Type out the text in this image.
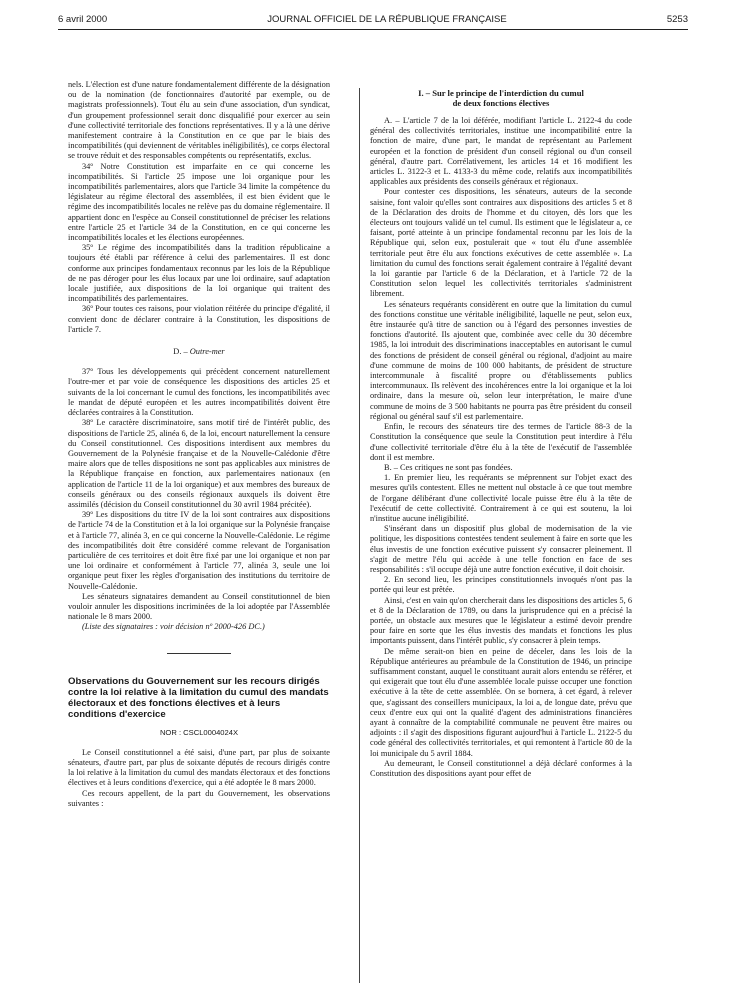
6 avril 2000	JOURNAL OFFICIEL DE LA RÉPUBLIQUE FRANÇAISE	5253

nels. L'élection est d'une nature fondamentalement différente de la désignation ou de la nomination (de fonctionnaires d'autorité par exemple, ou de magistrats professionnels). Tout élu au sein d'une association, d'un syndicat, d'un groupement professionnel serait donc disqualifié pour exercer au sein d'une collectivité territoriale des fonctions représentatives. Il y a là une dérive manifestement contraire à la Constitution en ce que par le biais des incompatibilités (qui deviennent de véritables inéligibilités), ce corps électoral se trouve réduit et des responsables compétents ou représentatifs, exclus.

34º Notre Constitution est imparfaite en ce qui concerne les incompatibilités. Si l'article 25 impose une loi organique pour les incompatibilités parlementaires, alors que l'article 34 limite la compétence du législateur au régime électoral des assemblées, il est bien évident que le régime des incompatibilités locales ne relève pas du domaine réglementaire. Il appartient donc en l'espèce au Conseil constitutionnel de préciser les relations entre l'article 25 et l'article 34 de la Constitution, en ce qui concerne les incompatibilités locales et les élections européennes.

35º Le régime des incompatibilités dans la tradition républicaine a toujours été établi par référence à celui des parlementaires. Il est donc conforme aux principes fondamentaux reconnus par les lois de la République de ne pas déroger pour les élus locaux par une loi ordinaire, sauf adaptation locale justifiée, aux dispositions de la loi organique qui traitent des incompatibilités des parlementaires.

36º Pour toutes ces raisons, pour violation réitérée du principe d'égalité, il convient donc de déclarer contraire à la Constitution, les dispositions de l'article 7.

D. – Outre-mer

37º Tous les développements qui précèdent concernent naturellement l'outre-mer et par voie de conséquence les dispositions des articles 25 et suivants de la loi concernant le cumul des fonctions, les incompatibilités avec le mandat de député européen et les autres incompatibilités doivent être déclarées contraires à la Constitution.

38º Le caractère discriminatoire, sans motif tiré de l'intérêt public, des dispositions de l'article 25, alinéa 6, de la loi, encourt naturellement la censure du Conseil constitutionnel. Ces dispositions interdisent aux membres du Gouvernement de la Polynésie française et de la Nouvelle-Calédonie d'être maire alors que de telles dispositions ne sont pas applicables aux ministres de la République française en fonction, aux parlementaires nationaux (en application de l'article 11 de la loi organique) et aux membres des bureaux de conseils généraux ou des conseils régionaux auxquels ils doivent être assimilés (décision du Conseil constitutionnel du 30 avril 1984 précitée).

39º Les dispositions du titre IV de la loi sont contraires aux dispositions de l'article 74 de la Constitution et à la loi organique sur la Polynésie française et à l'article 77, alinéa 3, en ce qui concerne la Nouvelle-Calédonie. Le régime des incompatibilités doit être considéré comme relevant de l'organisation particulière de ces territoires et doit être fixé par une loi organique et non par une loi ordinaire et conformément à l'article 77, alinéa 3, seule une loi organique peut fixer les règles d'organisation des institutions du territoire de Nouvelle-Calédonie.

Les sénateurs signataires demandent au Conseil constitutionnel de bien vouloir annuler les dispositions incriminées de la loi adoptée par l'Assemblée nationale le 8 mars 2000.

(Liste des signataires : voir décision nº 2000-426 DC.)

Observations du Gouvernement sur les recours dirigés contre la loi relative à la limitation du cumul des mandats électoraux et des fonctions électives et à leurs conditions d'exercice

NOR : CSCL0004024X

Le Conseil constitutionnel a été saisi, d'une part, par plus de soixante sénateurs, d'autre part, par plus de soixante députés de recours dirigés contre la loi relative à la limitation du cumul des mandats électoraux et des fonctions électives et à leurs conditions d'exercice, qui a été adoptée le 8 mars 2000.

Ces recours appellent, de la part du Gouvernement, les observations suivantes :

I. – Sur le principe de l'interdiction du cumul
de deux fonctions électives

A. – L'article 7 de la loi déférée, modifiant l'article L. 2122-4 du code général des collectivités territoriales, institue une incompatibilité entre la fonction de maire, d'une part, le mandat de représentant au Parlement européen et la fonction de président d'un conseil régional ou d'un conseil général, d'autre part. Corrélativement, les articles 14 et 16 modifient les articles L. 3122-3 et L. 4133-3 du même code, relatifs aux incompatibilités applicables aux présidents des conseils généraux et régionaux.

Pour contester ces dispositions, les sénateurs, auteurs de la seconde saisine, font valoir qu'elles sont contraires aux dispositions des articles 5 et 8 de la Déclaration des droits de l'homme et du citoyen, dès lors que les électeurs ont toujours validé un tel cumul. Ils estiment que le législateur a, ce faisant, porté atteinte à un principe fondamental reconnu par les lois de la République qui, selon eux, postulerait que « tout élu d'une assemblée territoriale peut être élu aux fonctions exécutives de cette assemblée ». La limitation du cumul des fonctions serait également contraire à l'égalité devant la loi garantie par l'article 6 de la Déclaration, et à l'article 72 de la Constitution selon lequel les collectivités territoriales s'administrent librement.

Les sénateurs requérants considèrent en outre que la limitation du cumul des fonctions constitue une véritable inéligibilité, laquelle ne peut, selon eux, être instaurée qu'à titre de sanction ou à l'égard des personnes investies de fonctions d'autorité. Ils ajoutent que, combinée avec celle du 30 décembre 1985, la loi introduit des discriminations inacceptables en autorisant le cumul des fonctions de président de conseil général ou régional, d'adjoint au maire d'une commune de moins de 100 000 habitants, de président de structure intercommunale à fiscalité propre ou d'établissements publics intercommunaux. Ils relèvent des incohérences entre la loi organique et la loi ordinaire, dans la mesure où, selon leur interprétation, le maire d'une commune de moins de 3 500 habitants ne pourra pas être président du conseil régional ou général sauf s'il est parlementaire.

Enfin, le recours des sénateurs tire des termes de l'article 88-3 de la Constitution la conséquence que seule la Constitution peut interdire à l'élu d'une collectivité territoriale d'être élu à la tête de l'exécutif de l'assemblée dont il est membre.

B. – Ces critiques ne sont pas fondées.

1. En premier lieu, les requérants se méprennent sur l'objet exact des mesures qu'ils contestent. Elles ne mettent nul obstacle à ce que tout membre de l'organe délibérant d'une collectivité locale puisse être élu à la tête de l'exécutif de cette collectivité. Contrairement à ce qui est soutenu, la loi n'institue aucune inéligibilité.

S'insérant dans un dispositif plus global de modernisation de la vie politique, les dispositions contestées tendent seulement à faire en sorte que les élus investis de une fonction exécutive puissent s'y consacrer pleinement. Il s'agit de mettre l'élu qui accède à une telle fonction en face de ses responsabilités : s'il occupe déjà une autre fonction exécutive, il doit choisir.

2. En second lieu, les principes constitutionnels invoqués n'ont pas la portée qui leur est prêtée.

Ainsi, c'est en vain qu'on chercherait dans les dispositions des articles 5, 6 et 8 de la Déclaration de 1789, ou dans la jurisprudence qui en a précisé la portée, un obstacle aux mesures que le législateur a estimé devoir prendre pour faire en sorte que les élus investis des mandats et fonctions les plus importants puissent, dans l'intérêt public, s'y consacrer à plein temps.

De même serait-on bien en peine de déceler, dans les lois de la République antérieures au préambule de la Constitution de 1946, un principe suffisamment constant, auquel le constituant aurait alors entendu se référer, et qui exigerait que tout élu d'une assemblée locale puisse occuper une fonction exécutive à la tête de cette assemblée. On se bornera, à cet égard, à relever que, s'agissant des conseillers municipaux, la loi a, de longue date, prévu que ceux d'entre eux qui ont la qualité d'agent des administrations financières ayant à connaître de la comptabilité communale ne peuvent être maires ou adjoints : il s'agit des dispositions figurant aujourd'hui à l'article L. 2122-5 du code général des collectivités territoriales, et qui remontent à l'article 80 de la loi municipale du 5 avril 1884.

Au demeurant, le Conseil constitutionnel a déjà déclaré conformes à la Constitution des dispositions ayant pour effet de
